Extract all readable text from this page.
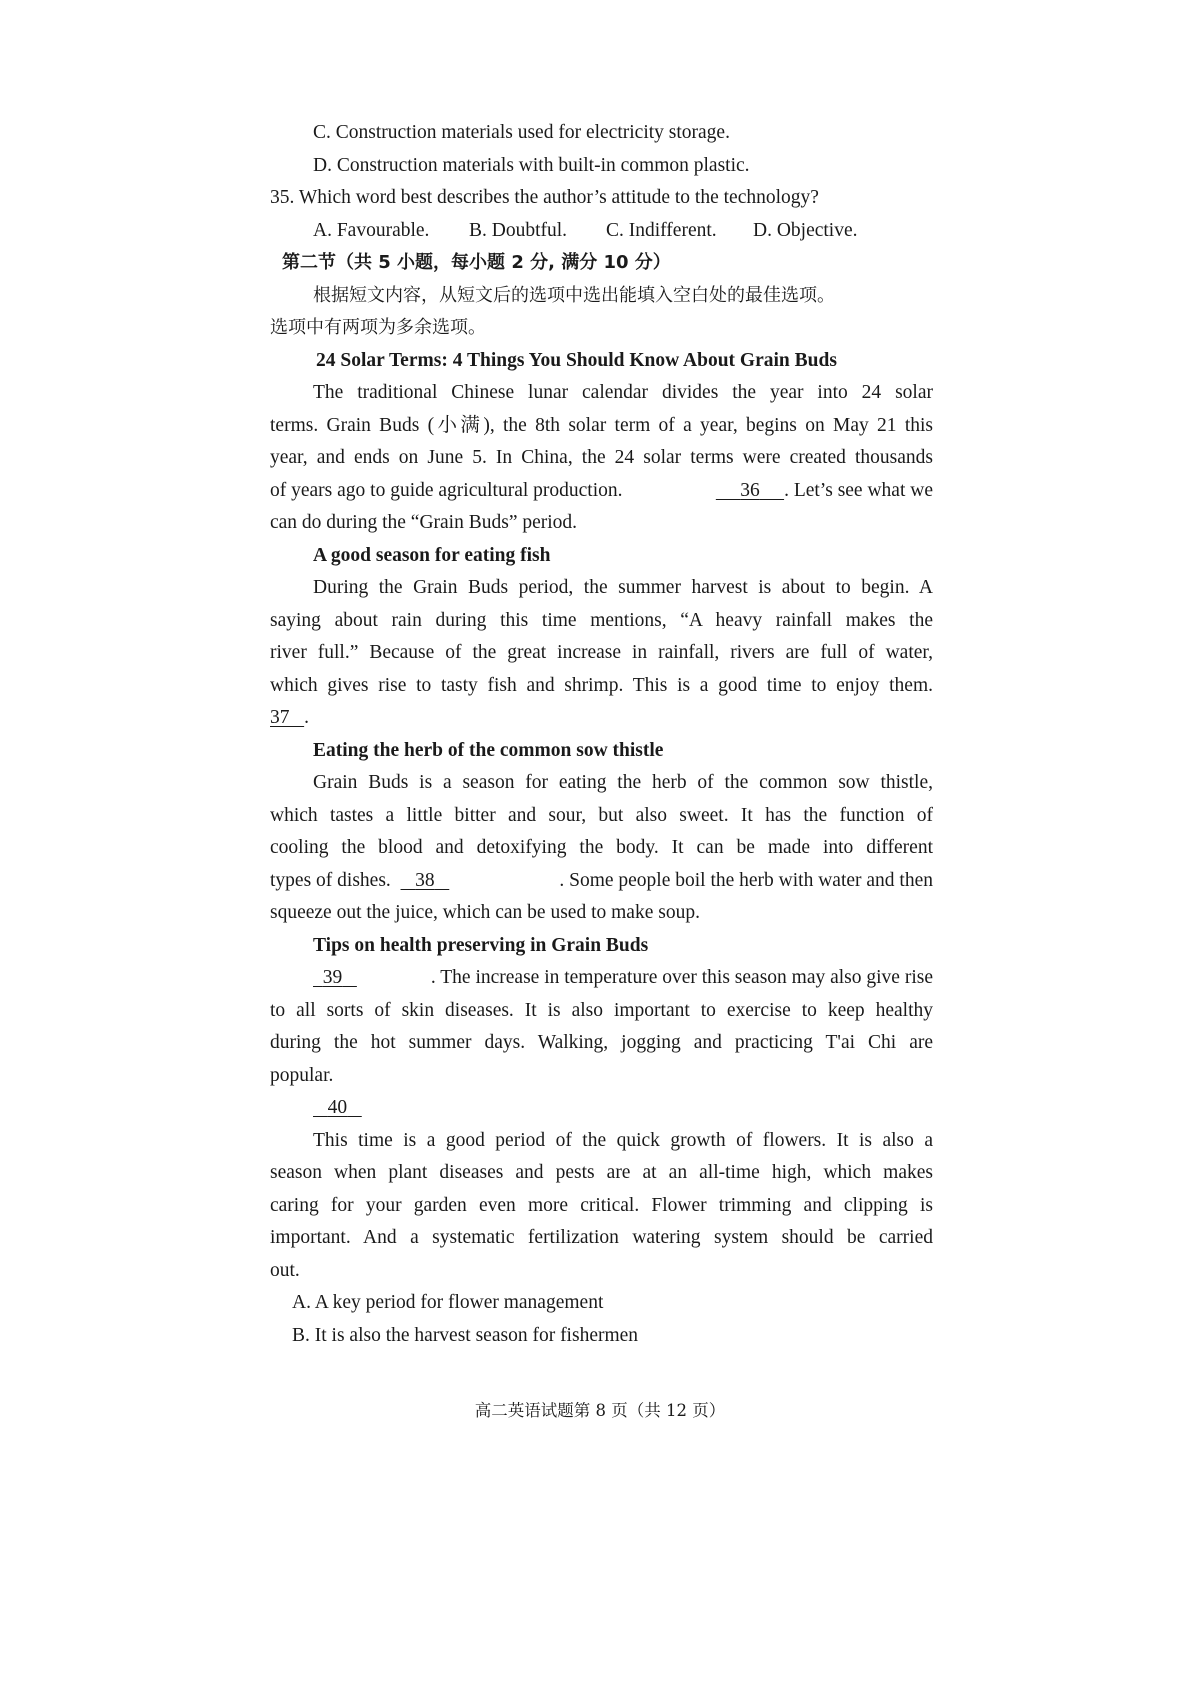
C. Construction materials used for electricity storage.

D. Construction materials with built-in common plastic.

35. Which word best describes the author’s attitude to the technology?

A. Favourable. B. Doubtful. C. Indifferent. D. Objective.

第二节（共 5 小题，每小题 2 分, 满分 10 分）

根据短文内容，从短文后的选项中选出能填入空白处的最佳选项。

选项中有两项为多余选项。

24 Solar Terms: 4 Things You Should Know About Grain Buds

The traditional Chinese lunar calendar divides the year into 24 solar

terms. Grain Buds (小满), the 8th solar term of a year, begins on May 21 this

year, and ends on June 5. In China, the 24 solar terms were created thousands

of years ago to guide agricultural production.	36 . Let’s see what we

can do during the “Grain Buds” period.

A good season for eating fish

During the Grain Buds period, the summer harvest is about to begin. A

saying about rain during this time mentions, “A heavy rainfall makes the

river full.” Because of the great increase in rainfall, rivers are full of water,

which gives rise to tasty fish and shrimp. This is a good time to enjoy them.

37 .

Eating the herb of the common sow thistle

Grain Buds is a season for eating the herb of the common sow thistle,

which tastes a little bitter and sour, but also sweet. It has the function of

cooling the blood and detoxifying the body. It can be made into different

types of dishes. 38	. Some people boil the herb with water and then

squeeze out the juice, which can be used to make soup.

Tips on health preserving in Grain Buds

39	. The increase in temperature over this season may also give rise

to all sorts of skin diseases. It is also important to exercise to keep healthy

during the hot summer days. Walking, jogging and practicing T'ai Chi are

popular.

40

This time is a good period of the quick growth of flowers. It is also a

season when plant diseases and pests are at an all-time high, which makes

caring for your garden even more critical. Flower trimming and clipping is

important. And a systematic fertilization watering system should be carried

out.

A. A key period for flower management

B. It is also the harvest season for fishermen

高二英语试题第 8 页（共 12 页）
